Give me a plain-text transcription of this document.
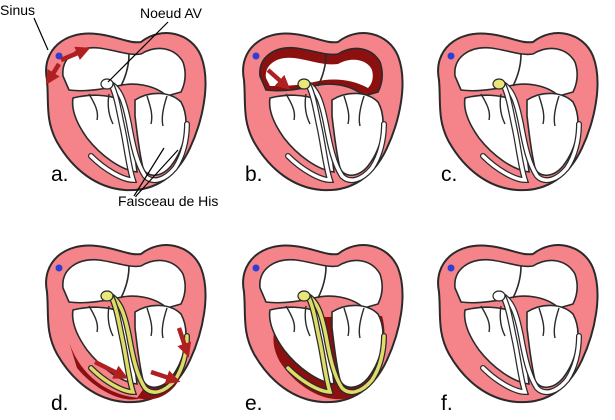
Sinus	Noeud AV
Faisceau de His
a.	b.	c.
d.	e.	f.
